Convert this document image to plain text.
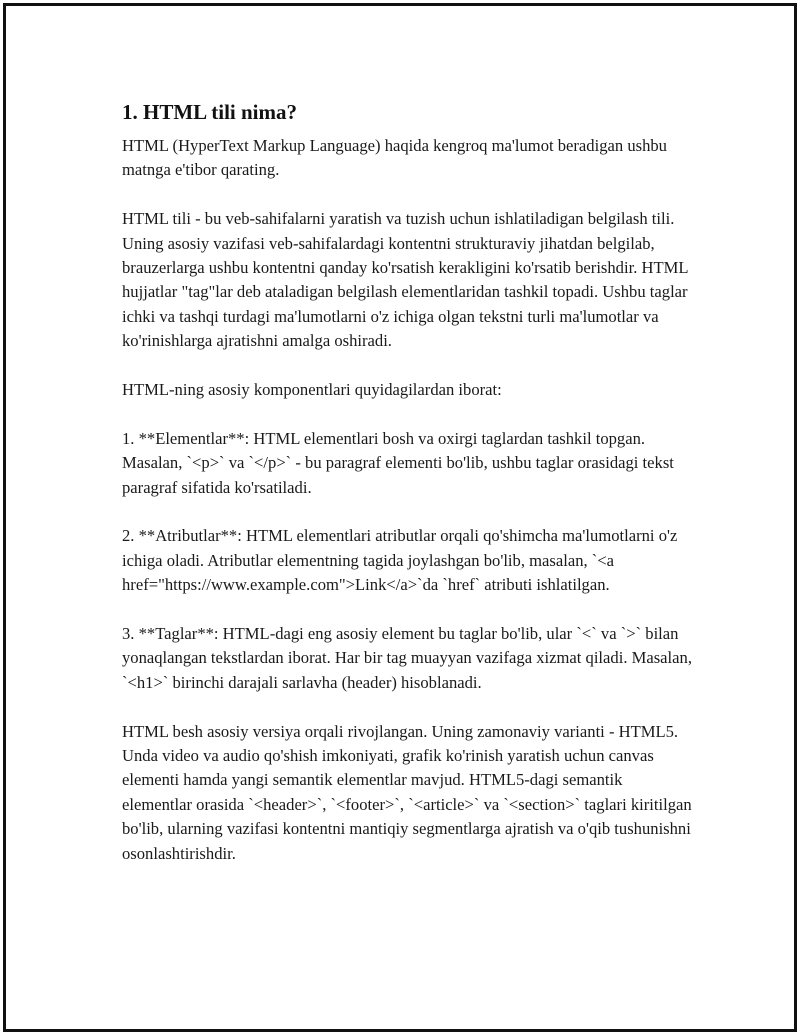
1. HTML tili nima?

HTML (HyperText Markup Language) haqida kengroq ma'lumot beradigan ushbu matnga e'tibor qarating.

HTML tili - bu veb-sahifalarni yaratish va tuzish uchun ishlatiladigan belgilash tili. Uning asosiy vazifasi veb-sahifalardagi kontentni strukturaviy jihatdan belgilab, brauzerlarga ushbu kontentni qanday ko'rsatish kerakligini ko'rsatib berishdir. HTML hujjatlar "tag"lar deb ataladigan belgilash elementlaridan tashkil topadi. Ushbu taglar ichki va tashqi turdagi ma'lumotlarni o'z ichiga olgan tekstni turli ma'lumotlar va ko'rinishlarga ajratishni amalga oshiradi.

HTML-ning asosiy komponentlari quyidagilardan iborat:

1. **Elementlar**: HTML elementlari bosh va oxirgi taglardan tashkil topgan. Masalan, `<p>` va `</p>` - bu paragraf elementi bo'lib, ushbu taglar orasidagi tekst paragraf sifatida ko'rsatiladi.

2. **Atributlar**: HTML elementlari atributlar orqali qo'shimcha ma'lumotlarni o'z ichiga oladi. Atributlar elementning tagida joylashgan bo'lib, masalan, `<a href="https://www.example.com">Link</a>`da `href` atributi ishlatilgan.

3. **Taglar**: HTML-dagi eng asosiy element bu taglar bo'lib, ular `<` va `>` bilan yonaqlangan tekstlardan iborat. Har bir tag muayyan vazifaga xizmat qiladi. Masalan, `<h1>` birinchi darajali sarlavha (header) hisoblanadi.

HTML besh asosiy versiya orqali rivojlangan. Uning zamonaviy varianti - HTML5. Unda video va audio qo'shish imkoniyati, grafik ko'rinish yaratish uchun canvas elementi hamda yangi semantik elementlar mavjud. HTML5-dagi semantik elementlar orasida `<header>`, `<footer>`, `<article>` va `<section>` taglari kiritilgan bo'lib, ularning vazifasi kontentni mantiqiy segmentlarga ajratish va o'qib tushunishni osonlashtirishdir.
